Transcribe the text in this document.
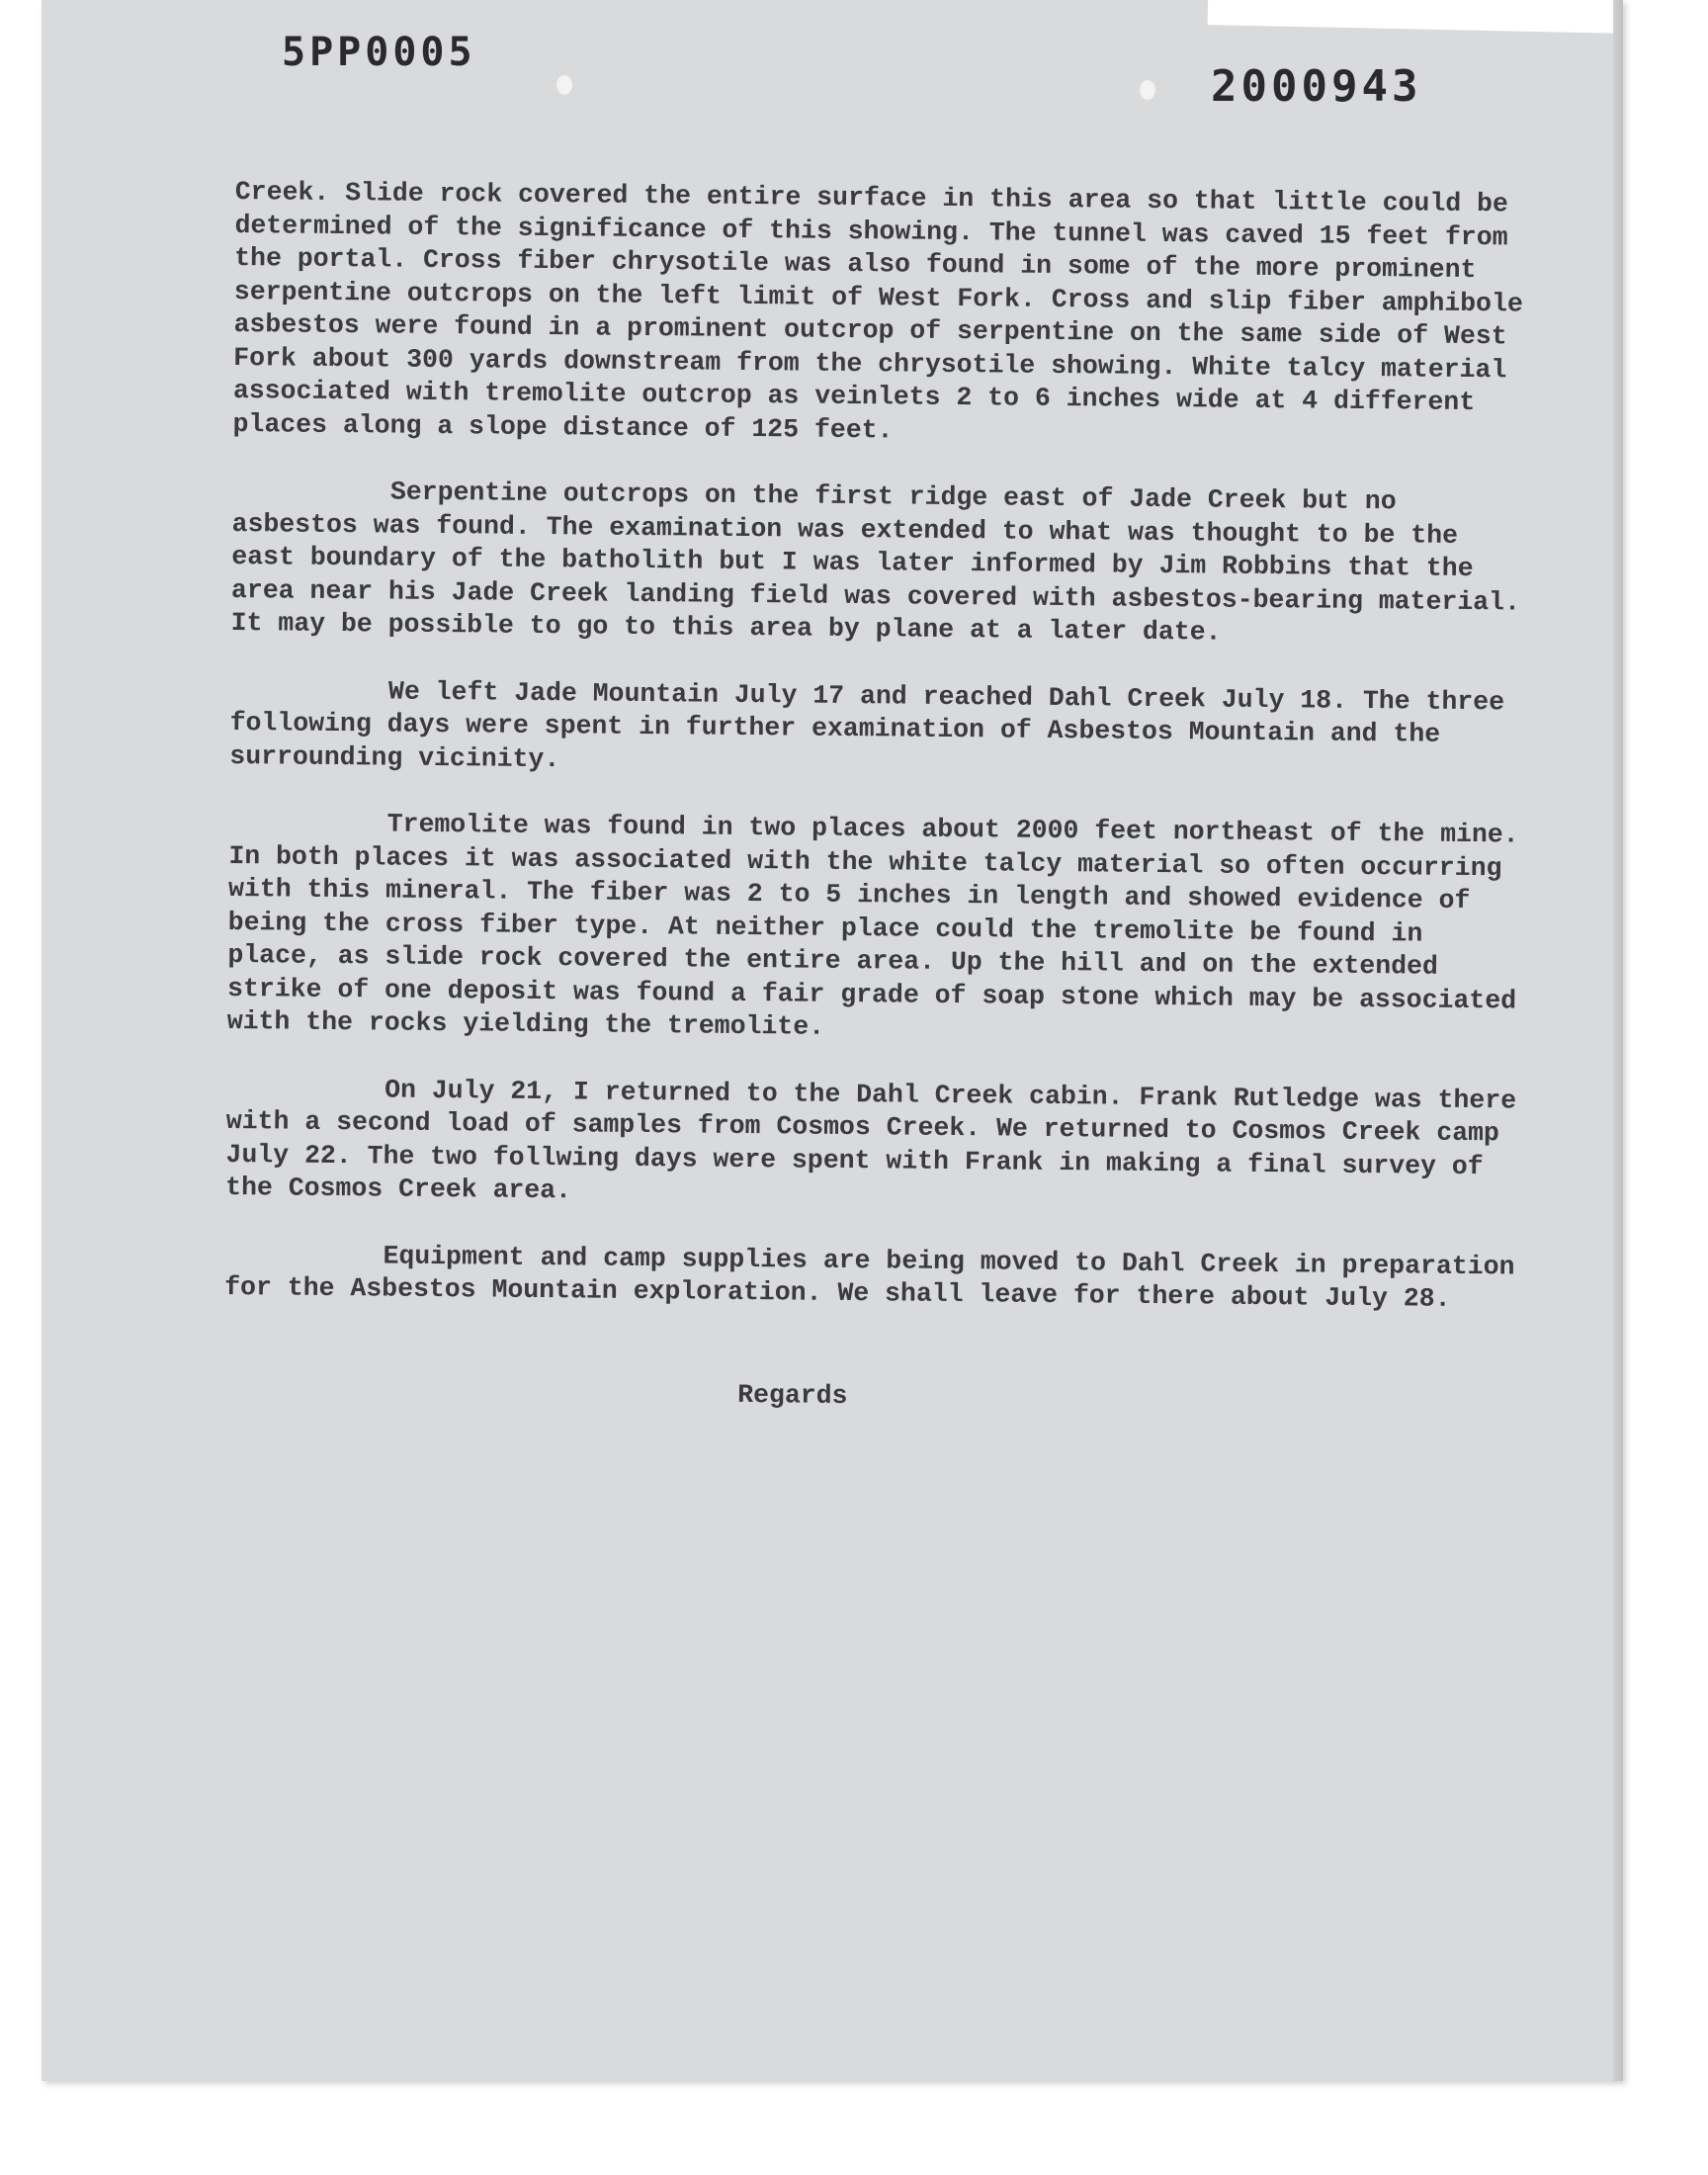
5PP0005
2000943

Creek. Slide rock covered the entire surface in this area so that little could be determined of the significance of this showing. The tunnel was caved 15 feet from the portal. Cross fiber chrysotile was also found in some of the more prominent serpentine outcrops on the left limit of West Fork. Cross and slip fiber amphibole asbestos were found in a prominent outcrop of serpentine on the same side of West Fork about 300 yards downstream from the chrysotile showing. White talcy material associated with tremolite outcrop as veinlets 2 to 6 inches wide at 4 different places along a slope distance of 125 feet.

Serpentine outcrops on the first ridge east of Jade Creek but no asbestos was found. The examination was extended to what was thought to be the east boundary of the batholith but I was later informed by Jim Robbins that the area near his Jade Creek landing field was covered with asbestos-bearing material. It may be possible to go to this area by plane at a later date.

We left Jade Mountain July 17 and reached Dahl Creek July 18. The three following days were spent in further examination of Asbestos Mountain and the surrounding vicinity.

Tremolite was found in two places about 2000 feet northeast of the mine. In both places it was associated with the white talcy material so often occurring with this mineral. The fiber was 2 to 5 inches in length and showed evidence of being the cross fiber type. At neither place could the tremolite be found in place, as slide rock covered the entire area. Up the hill and on the extended strike of one deposit was found a fair grade of soap stone which may be associated with the rocks yielding the tremolite.

On July 21, I returned to the Dahl Creek cabin. Frank Rutledge was there with a second load of samples from Cosmos Creek. We returned to Cosmos Creek camp July 22. The two follwing days were spent with Frank in making a final survey of the Cosmos Creek area.

Equipment and camp supplies are being moved to Dahl Creek in preparation for the Asbestos Mountain exploration. We shall leave for there about July 28.

Regards
